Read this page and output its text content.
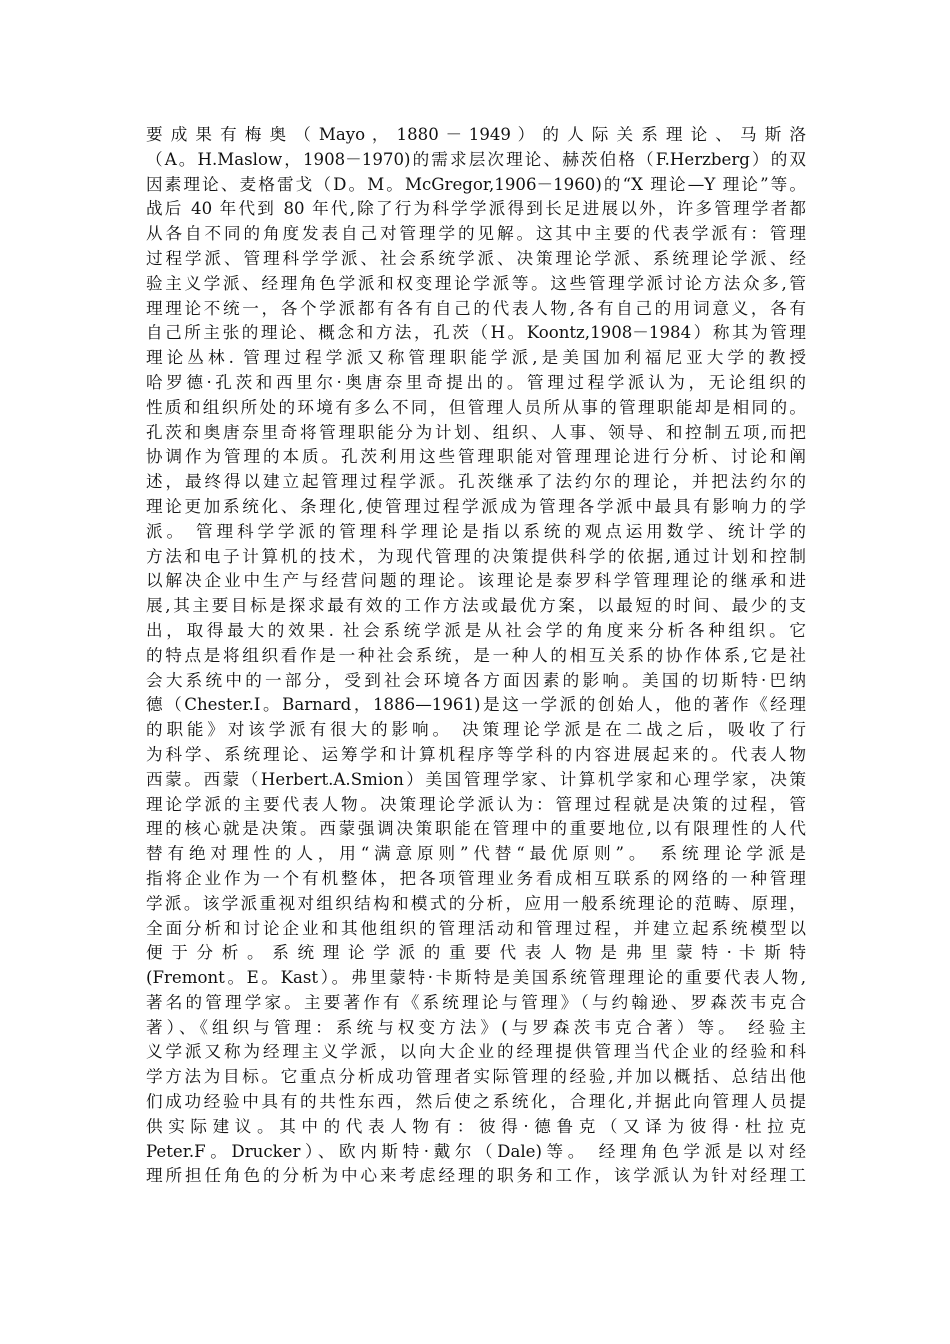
要 成 果 有 梅 奥 （ Mayo ， 1880 － 1949 ） 的 人 际 关 系 理 论 、 马 斯 洛
（A。H.Maslow，1908－1970)的需求层次理论、赫茨伯格（F.Herzberg）的双
因素理论、麦格雷戈（D。M。McGregor,1906－1960)的“X 理论—Y 理论”等。
战后 40 年代到 80 年代,除了行为科学学派得到长足进展以外，许多管理学者都
从各自不同的角度发表自己对管理学的见解。这其中主要的代表学派有：管理
过程学派、管理科学学派、社会系统学派、决策理论学派、系统理论学派、经
验主义学派、经理角色学派和权变理论学派等。这些管理学派讨论方法众多,管
理理论不统一，各个学派都有各有自己的代表人物,各有自己的用词意义，各有
自己所主张的理论、概念和方法，孔茨（H。Koontz,1908－1984）称其为管理
理论丛林. 管理过程学派又称管理职能学派,是美国加利福尼亚大学的教授
哈罗德·孔茨和西里尔·奥唐奈里奇提出的。管理过程学派认为，无论组织的
性质和组织所处的环境有多么不同，但管理人员所从事的管理职能却是相同的。
孔茨和奥唐奈里奇将管理职能分为计划、组织、人事、领导、和控制五项,而把
协调作为管理的本质。孔茨利用这些管理职能对管理理论进行分析、讨论和阐
述，最终得以建立起管理过程学派。孔茨继承了法约尔的理论，并把法约尔的
理论更加系统化、条理化,使管理过程学派成为管理各学派中最具有影响力的学
派。 管理科学学派的管理科学理论是指以系统的观点运用数学、统计学的
方法和电子计算机的技术，为现代管理的决策提供科学的依据,通过计划和控制
以解决企业中生产与经营问题的理论。该理论是泰罗科学管理理论的继承和进
展,其主要目标是探求最有效的工作方法或最优方案，以最短的时间、最少的支
出，取得最大的效果. 社会系统学派是从社会学的角度来分析各种组织。它
的特点是将组织看作是一种社会系统，是一种人的相互关系的协作体系,它是社
会大系统中的一部分，受到社会环境各方面因素的影响。美国的切斯特·巴纳
德（Chester.I。Barnard，1886—1961)是这一学派的创始人，他的著作《经理
的职能》对该学派有很大的影响。 决策理论学派是在二战之后，吸收了行
为科学、系统理论、运筹学和计算机程序等学科的内容进展起来的。代表人物
西蒙。西蒙（Herbert.A.Smion）美国管理学家、计算机学家和心理学家，决策
理论学派的主要代表人物。决策理论学派认为：管理过程就是决策的过程，管
理的核心就是决策。西蒙强调决策职能在管理中的重要地位,以有限理性的人代
替有绝对理性的人，用“满意原则”代替“最优原则”。 系统理论学派是
指将企业作为一个有机整体，把各项管理业务看成相互联系的网络的一种管理
学派。该学派重视对组织结构和模式的分析，应用一般系统理论的范畴、原理，
全面分析和讨论企业和其他组织的管理活动和管理过程，并建立起系统模型以
便 于 分 析 。 系 统 理 论 学 派 的 重 要 代 表 人 物 是 弗 里 蒙 特 · 卡 斯 特
(Fremont。E。Kast）。弗里蒙特·卡斯特是美国系统管理理论的重要代表人物,
著名的管理学家。主要著作有《系统理论与管理》（与约翰逊、罗森茨韦克合
著）、《组织与管理：系统与权变方法》(与罗森茨韦克合著）等。 经验主
义学派又称为经理主义学派，以向大企业的经理提供管理当代企业的经验和科
学方法为目标。它重点分析成功管理者实际管理的经验,并加以概括、总结出他
们成功经验中具有的共性东西，然后使之系统化，合理化,并据此向管理人员提
供实际建议。其中的代表人物有：彼得·德鲁克（又译为彼得·杜拉克
Peter.F。Drucker）、欧内斯特·戴尔（Dale)等。 经理角色学派是以对经
理所担任角色的分析为中心来考虑经理的职务和工作，该学派认为针对经理工
